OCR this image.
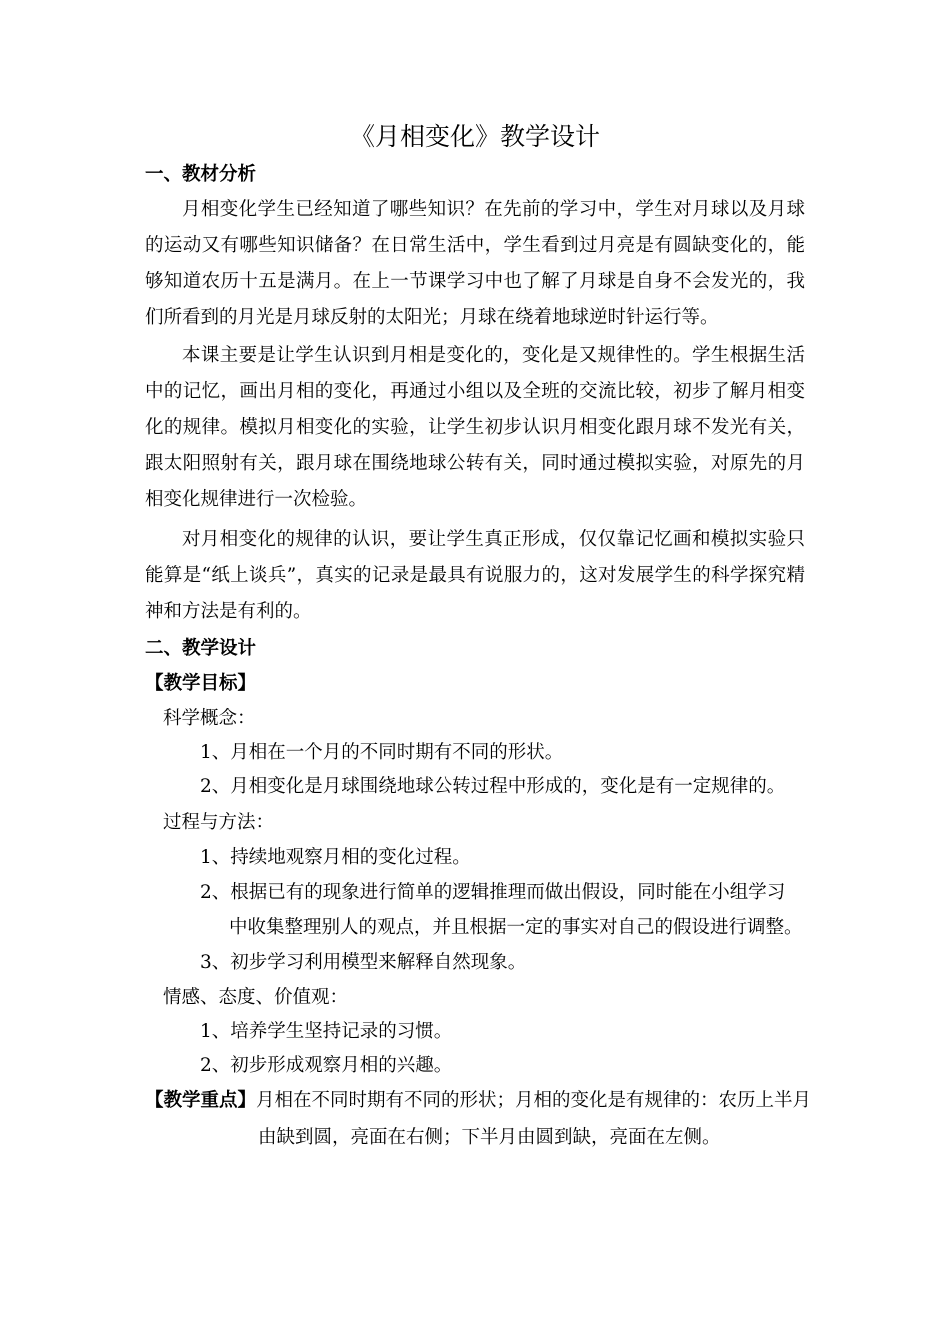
《月相变化》教学设计
一、教材分析

月相变化学生已经知道了哪些知识？在先前的学习中，学生对月球以及月球的运动又有哪些知识储备？在日常生活中，学生看到过月亮是有圆缺变化的，能够知道农历十五是满月。在上一节课学习中也了解了月球是自身不会发光的，我们所看到的月光是月球反射的太阳光；月球在绕着地球逆时针运行等。

本课主要是让学生认识到月相是变化的，变化是又规律性的。学生根据生活中的记忆，画出月相的变化，再通过小组以及全班的交流比较，初步了解月相变化的规律。模拟月相变化的实验，让学生初步认识月相变化跟月球不发光有关，跟太阳照射有关，跟月球在围绕地球公转有关，同时通过模拟实验，对原先的月相变化规律进行一次检验。

对月相变化的规律的认识，要让学生真正形成，仅仅靠记忆画和模拟实验只能算是“纸上谈兵”，真实的记录是最具有说服力的，这对发展学生的科学探究精神和方法是有利的。

二、教学设计
【教学目标】
科学概念：
1、月相在一个月的不同时期有不同的形状。
2、月相变化是月球围绕地球公转过程中形成的，变化是有一定规律的。
过程与方法：
1、持续地观察月相的变化过程。
2、根据已有的现象进行简单的逻辑推理而做出假设，同时能在小组学习
中收集整理别人的观点，并且根据一定的事实对自己的假设进行调整。
3、初步学习利用模型来解释自然现象。
情感、态度、价值观：
1、培养学生坚持记录的习惯。
2、初步形成观察月相的兴趣。
【教学重点】月相在不同时期有不同的形状；月相的变化是有规律的：农历上半月
由缺到圆，亮面在右侧；下半月由圆到缺，亮面在左侧。
